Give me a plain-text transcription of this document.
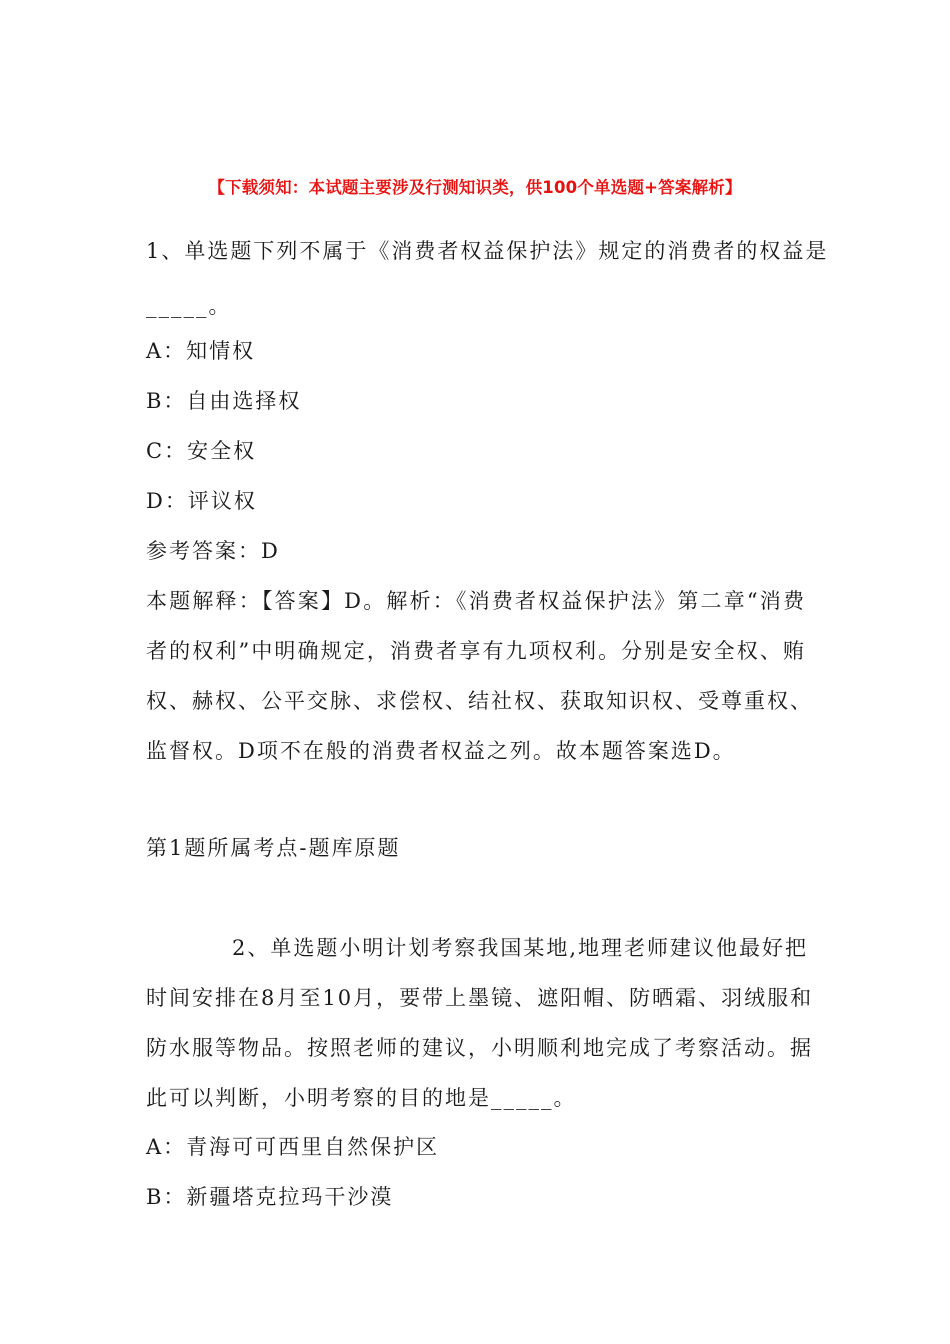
【下载须知：本试题主要涉及行测知识类，供100个单选题+答案解析】
1、单选题下列不属于《消费者权益保护法》规定的消费者的权益是
_____。
A：知情权
B：自由选择权
C：安全权
D：评议权
参考答案：D
本题解释：【答案】D。解析：《消费者权益保护法》第二章“消费
者的权利”中明确规定，消费者享有九项权利。分别是安全权、贿
权、赫权、公平交脉、求偿权、结社权、获取知识权、受尊重权、
监督权。D项不在般的消费者权益之列。故本题答案选D。
第1题所属考点-题库原题
2、单选题小明计划考察我国某地,地理老师建议他最好把
时间安排在8月至10月，要带上墨镜、遮阳帽、防晒霜、羽绒服和
防水服等物品。按照老师的建议，小明顺利地完成了考察活动。据
此可以判断，小明考察的目的地是_____。
A：青海可可西里自然保护区
B：新疆塔克拉玛干沙漠
